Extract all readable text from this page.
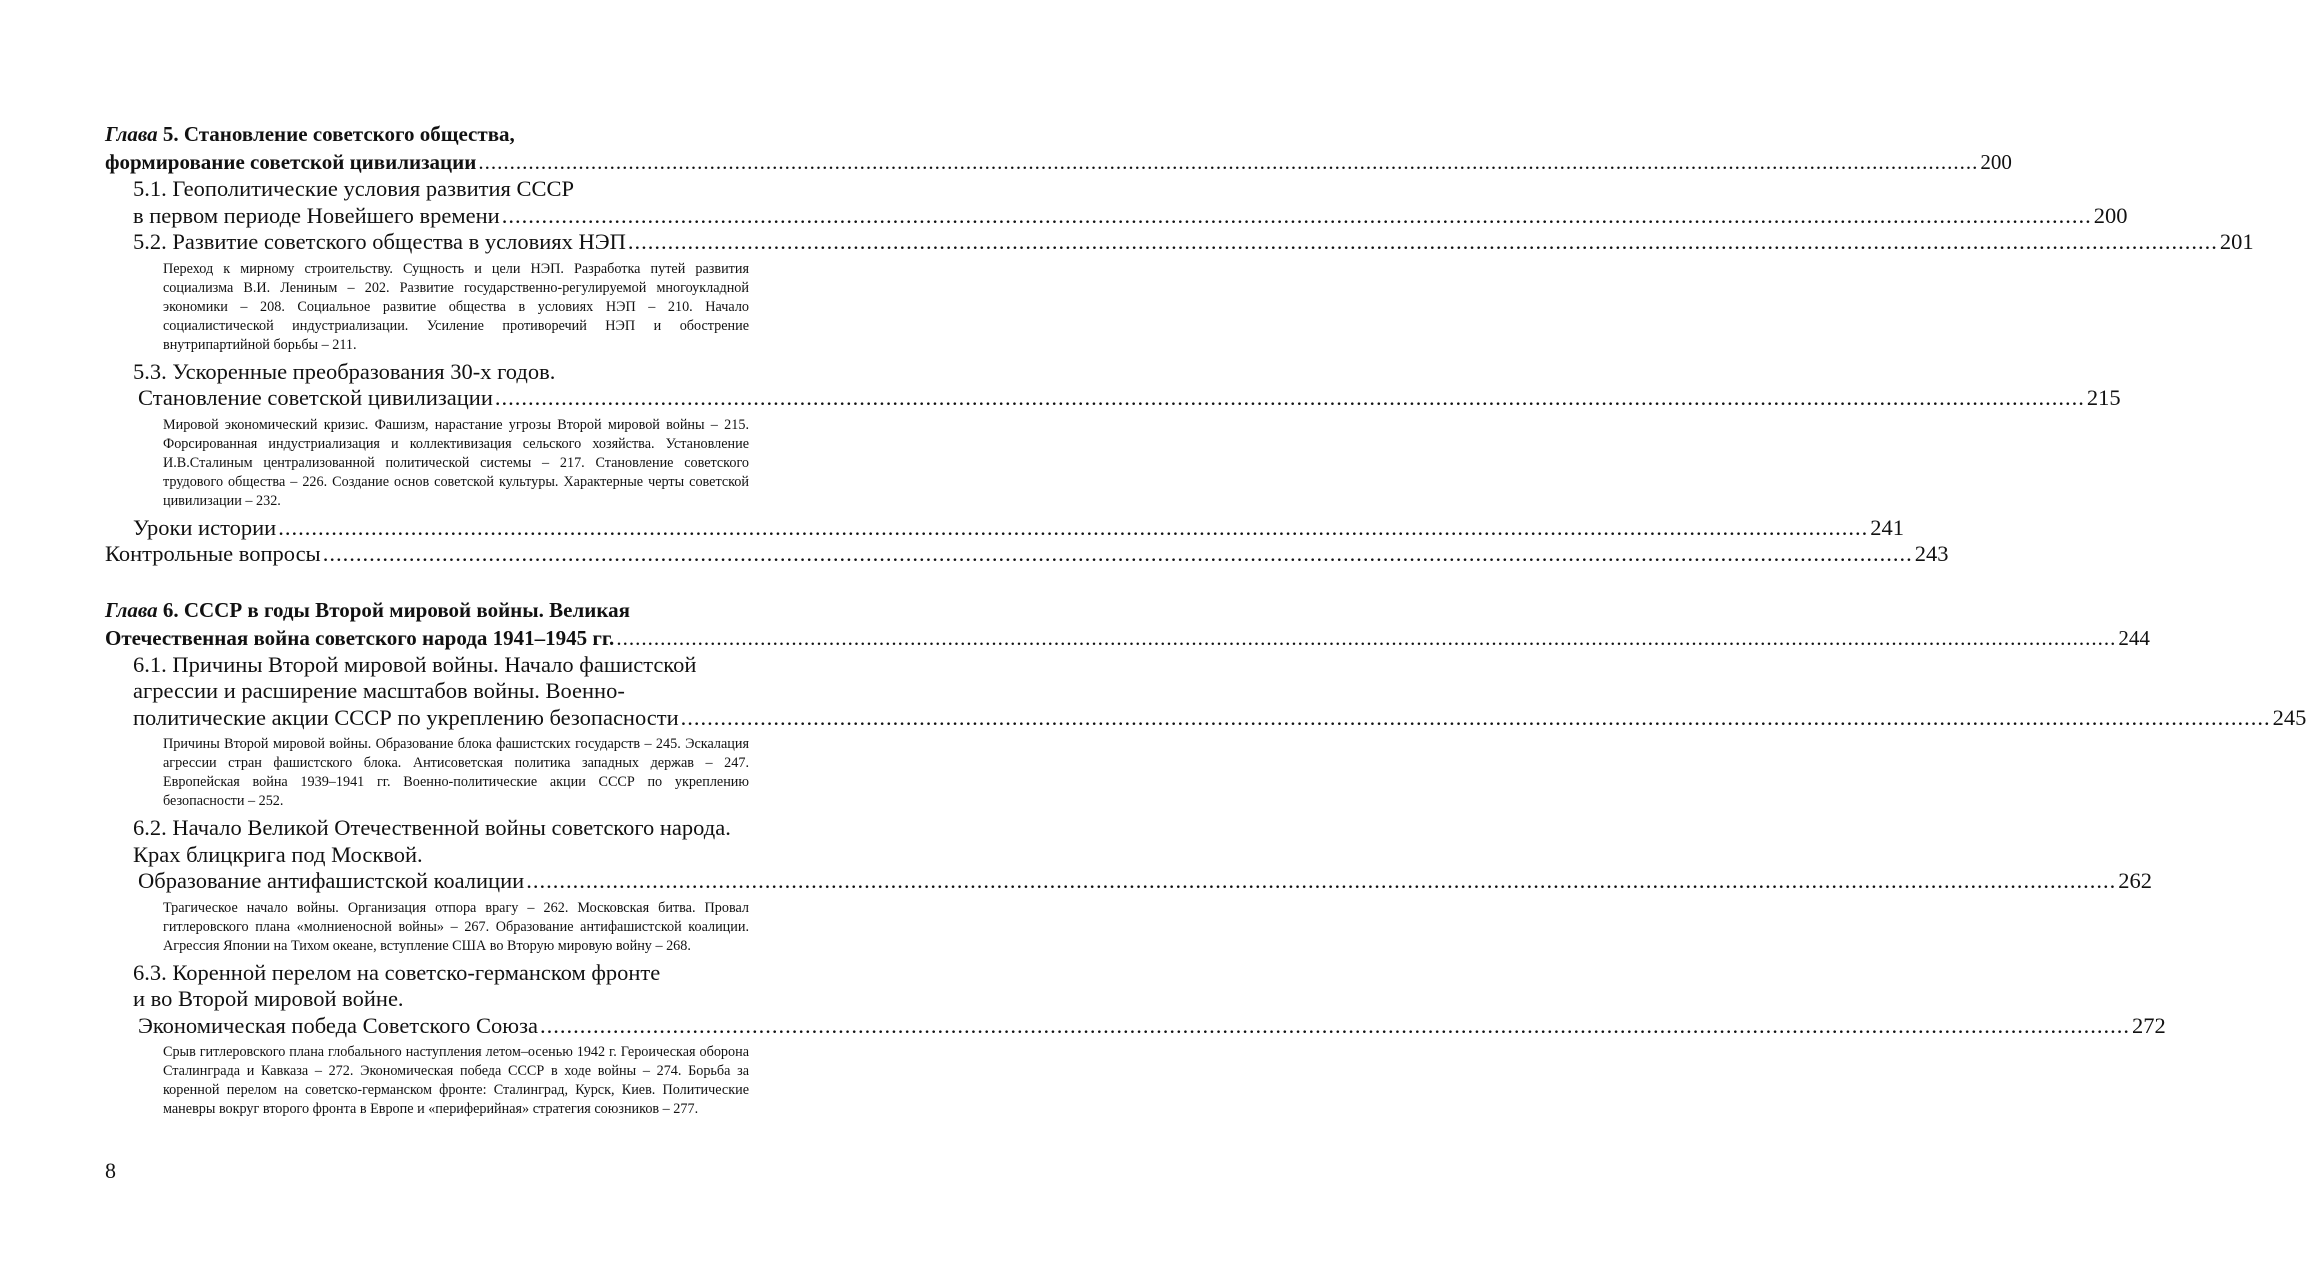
Глава 5. Становление советского общества,
формирование советской цивилизации .....	200
5.1. Геополитические условия развития СССР
в первом периоде Новейшего времени .....	200
5.2. Развитие советского общества в условиях НЭП .....	201
Переход к мирному строительству. Сущность и цели НЭП. Разработка путей развития социализма В.И. Лениным – 202. Развитие государственно-регулируемой многоукладной экономики – 208. Социальное развитие общества в условиях НЭП – 210. Начало социалистической индустриализации. Усиление противоречий НЭП и обострение внутрипартийной борьбы – 211.
5.3. Ускоренные преобразования 30-х годов.
Становление советской цивилизации .....	215
Мировой экономический кризис. Фашизм, нарастание угрозы Второй мировой войны – 215. Форсированная индустриализация и коллективизация сельского хозяйства. Установление И.В.Сталиным централизованной политической системы – 217. Становление советского трудового общества – 226. Создание основ советской культуры. Характерные черты советской цивилизации – 232.
Уроки истории .....	241
Контрольные вопросы .....	243
Глава 6. СССР в годы Второй мировой войны. Великая
Отечественная война советского народа 1941–1945 гг. .....	244
6.1. Причины Второй мировой войны. Начало фашистской
агрессии и расширение масштабов войны. Военно-
политические акции СССР по укреплению безопасности .....	245
Причины Второй мировой войны. Образование блока фашистских государств – 245. Эскалация агрессии стран фашистского блока. Антисоветская политика западных держав – 247. Европейская война 1939–1941 гг. Военно-политические акции СССР по укреплению безопасности – 252.
6.2. Начало Великой Отечественной войны советского народа.
Крах блицкрига под Москвой.
Образование антифашистской коалиции .....	262
Трагическое начало войны. Организация отпора врагу – 262. Московская битва. Провал гитлеровского плана «молниеносной войны» – 267. Образование антифашистской коалиции. Агрессия Японии на Тихом океане, вступление США во Вторую мировую войну – 268.
6.3. Коренной перелом на советско-германском фронте
и во Второй мировой войне.
Экономическая победа Советского Союза .....	272
Срыв гитлеровского плана глобального наступления летом–осенью 1942 г. Героическая оборона Сталинграда и Кавказа – 272. Экономическая победа СССР в ходе войны – 274. Борьба за коренной перелом на советско-германском фронте: Сталинград, Курск, Киев. Политические маневры вокруг второго фронта в Европе и «периферийная» стратегия союзников – 277.
8
